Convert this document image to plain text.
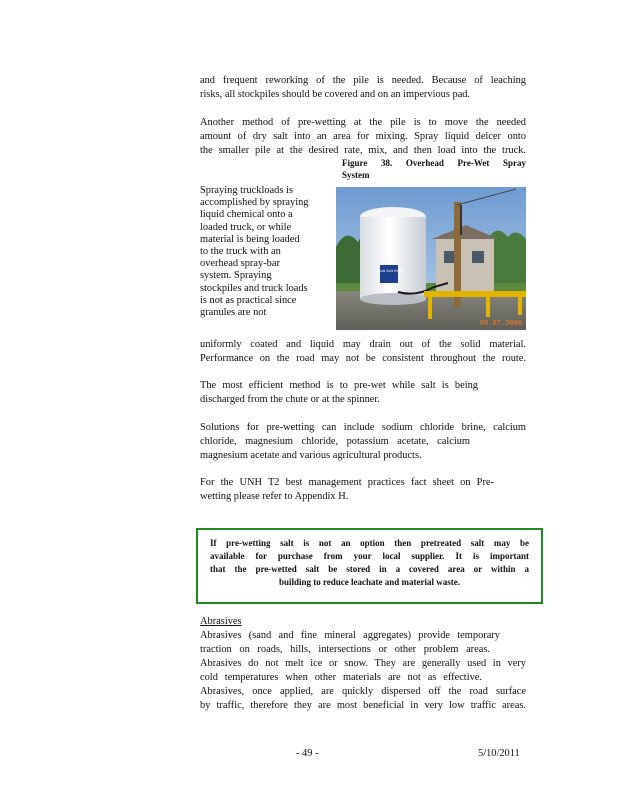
and frequent reworking of the pile is needed. Because of leaching
risks, all stockpiles should be covered and on an impervious pad.

Another method of pre-wetting at the pile is to move the needed
amount of dry salt into an area for mixing. Spray liquid deicer onto
the smaller pile at the desired rate, mix, and then load into the truck.

Figure 38. Overhead Pre-Wet Spray
System
Liquid Salt Brine
09.07.2006
Spraying truckloads is
accomplished by spraying
liquid chemical onto a
loaded truck, or while
material is being loaded
to the truck with an
overhead spray-bar
system. Spraying
stockpiles and truck loads
is not as practical since
granules are not

uniformly coated and liquid may drain out of the solid material.
Performance on the road may not be consistent throughout the route.

The most efficient method is to pre-wet while salt is being
discharged from the chute or at the spinner.

Solutions for pre-wetting can include sodium chloride brine, calcium
chloride, magnesium chloride, potassium acetate, calcium
magnesium acetate and various agricultural products.

For the UNH T2 best management practices fact sheet on Pre-
wetting please refer to Appendix H.

If pre-wetting salt is not an option then pretreated salt may be
available for purchase from your local supplier. It is important
that the pre-wetted salt be stored in a covered area or within a
building to reduce leachate and material waste.
Abrasives

Abrasives (sand and fine mineral aggregates) provide temporary
traction on roads, hills, intersections or other problem areas.
Abrasives do not melt ice or snow. They are generally used in very
cold temperatures when other materials are not as effective.
Abrasives, once applied, are quickly dispersed off the road surface
by traffic, therefore they are most beneficial in very low traffic areas.

- 49 -	5/10/2011
